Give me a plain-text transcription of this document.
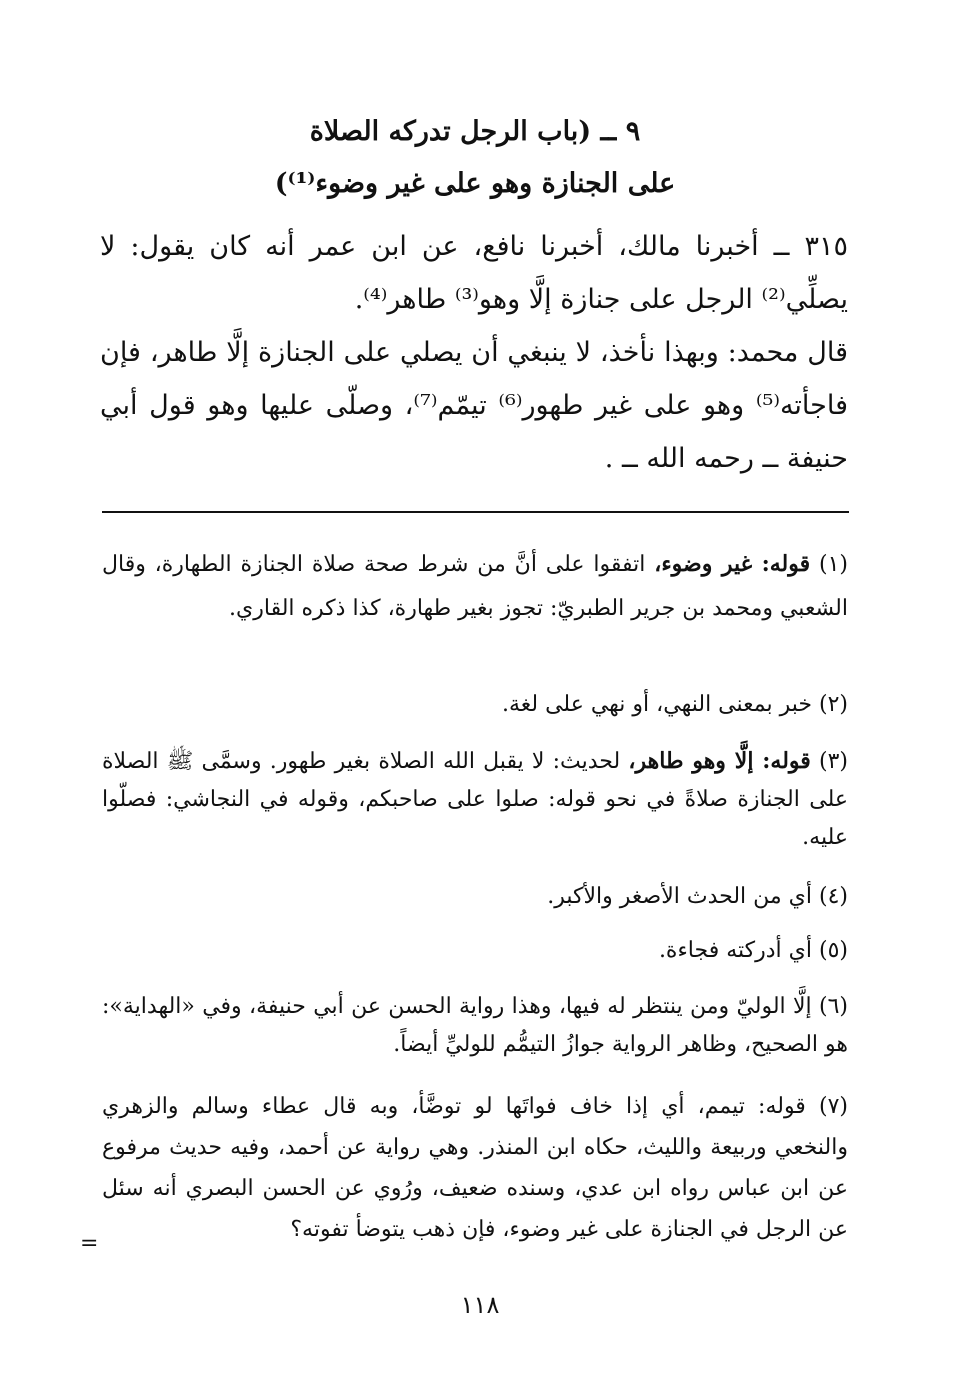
٩ ــ (باب الرجل تدركه الصلاة
على الجنازة وهو على غير وضوء⁽¹⁾)
٣١٥ ــ أخبرنا مالك، أخبرنا نافع، عن ابن عمر أنه كان يقول: لا يصلِّي⁽²⁾ الرجل على جنازة إلَّا وهو⁽³⁾ طاهر⁽⁴⁾.
قال محمد: وبهذا نأخذ، لا ينبغي أن يصلي على الجنازة إلَّا طاهر، فإن فاجأته⁽⁵⁾ وهو على غير طهور⁽⁶⁾ تيمّم⁽⁷⁾، وصلّى عليها وهو قول أبي حنيفة ــ رحمه الله ــ .
(١) قوله: غير وضوء، اتفقوا على أنَّ من شرط صحة صلاة الجنازة الطهارة، وقال الشعبي ومحمد بن جرير الطبريّ: تجوز بغير طهارة، كذا ذكره القاري.
(٢) خبر بمعنى النهي، أو نهي على لغة.
(٣) قوله: إلَّا وهو طاهر، لحديث: لا يقبل الله الصلاة بغير طهور. وسمَّى ﷺ الصلاة على الجنازة صلاةً في نحو قوله: صلوا على صاحبكم، وقوله في النجاشي: فصلّوا عليه.
(٤) أي من الحدث الأصغر والأكبر.
(٥) أي أدركته فجاءة.
(٦) إلَّا الوليّ ومن ينتظر له فيها، وهذا رواية الحسن عن أبي حنيفة، وفي «الهداية»: هو الصحيح، وظاهر الرواية جوازُ التيمُّم للوليِّ أيضاً.
(٧) قوله: تيمم، أي إذا خاف فواتَها لو توضَّأ، وبه قال عطاء وسالم والزهري والنخعي وربيعة والليث، حكاه ابن المنذر. وهي رواية عن أحمد، وفيه حديث مرفوع عن ابن عباس رواه ابن عدي، وسنده ضعيف، ورُوي عن الحسن البصري أنه سئل عن الرجل في الجنازة على غير وضوء، فإن ذهب يتوضأ تفوته؟
=
١١٨
